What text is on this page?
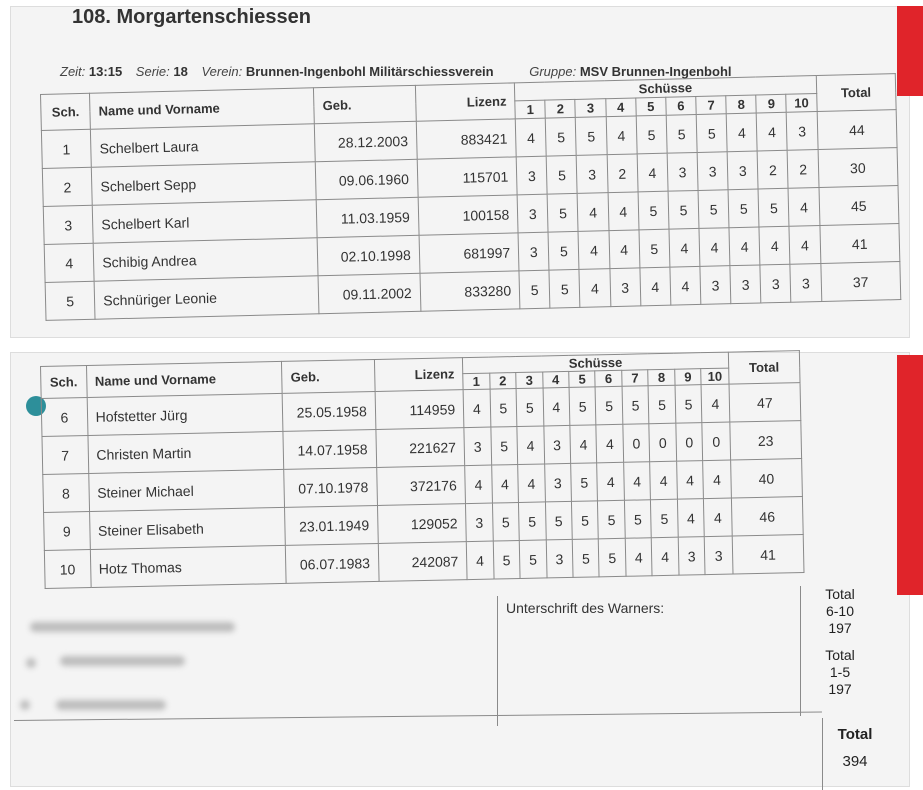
108. Morgartenschiessen
Zeit: 13:15 Serie: 18 Verein: Brunnen-Ingenbohl Militärschiessverein	Gruppe: MSV Brunnen-Ingenbohl
Sch.	Name und Vorname	Geb.	Lizenz	Schüsse										Total
				1	2	3	4	5	6	7	8	9	10	
1	Schelbert Laura	28.12.2003	883421	4	5	5	4	5	5	5	4	4	3	44
2	Schelbert Sepp	09.06.1960	115701	3	5	3	2	4	3	3	3	2	2	30
3	Schelbert Karl	11.03.1959	100158	3	5	4	4	5	5	5	5	5	4	45
4	Schibig Andrea	02.10.1998	681997	3	5	4	4	5	4	4	4	4	4	41
5	Schnüriger Leonie	09.11.2002	833280	5	5	4	3	4	4	3	3	3	3	37
Sch.	Name und Vorname	Geb.	Lizenz	Schüsse										Total
				1	2	3	4	5	6	7	8	9	10	
6	Hofstetter Jürg	25.05.1958	114959	4	5	5	4	5	5	5	5	5	4	47
7	Christen Martin	14.07.1958	221627	3	5	4	3	4	4	0	0	0	0	23
8	Steiner Michael	07.10.1978	372176	4	4	4	3	5	4	4	4	4	4	40
9	Steiner Elisabeth	23.01.1949	129052	3	5	5	5	5	5	5	5	4	4	46
10	Hotz Thomas	06.07.1983	242087	4	5	5	3	5	5	4	4	3	3	41
Unterschrift des Warners:
Total
6-10
197
Total
1-5
197
Total
394
